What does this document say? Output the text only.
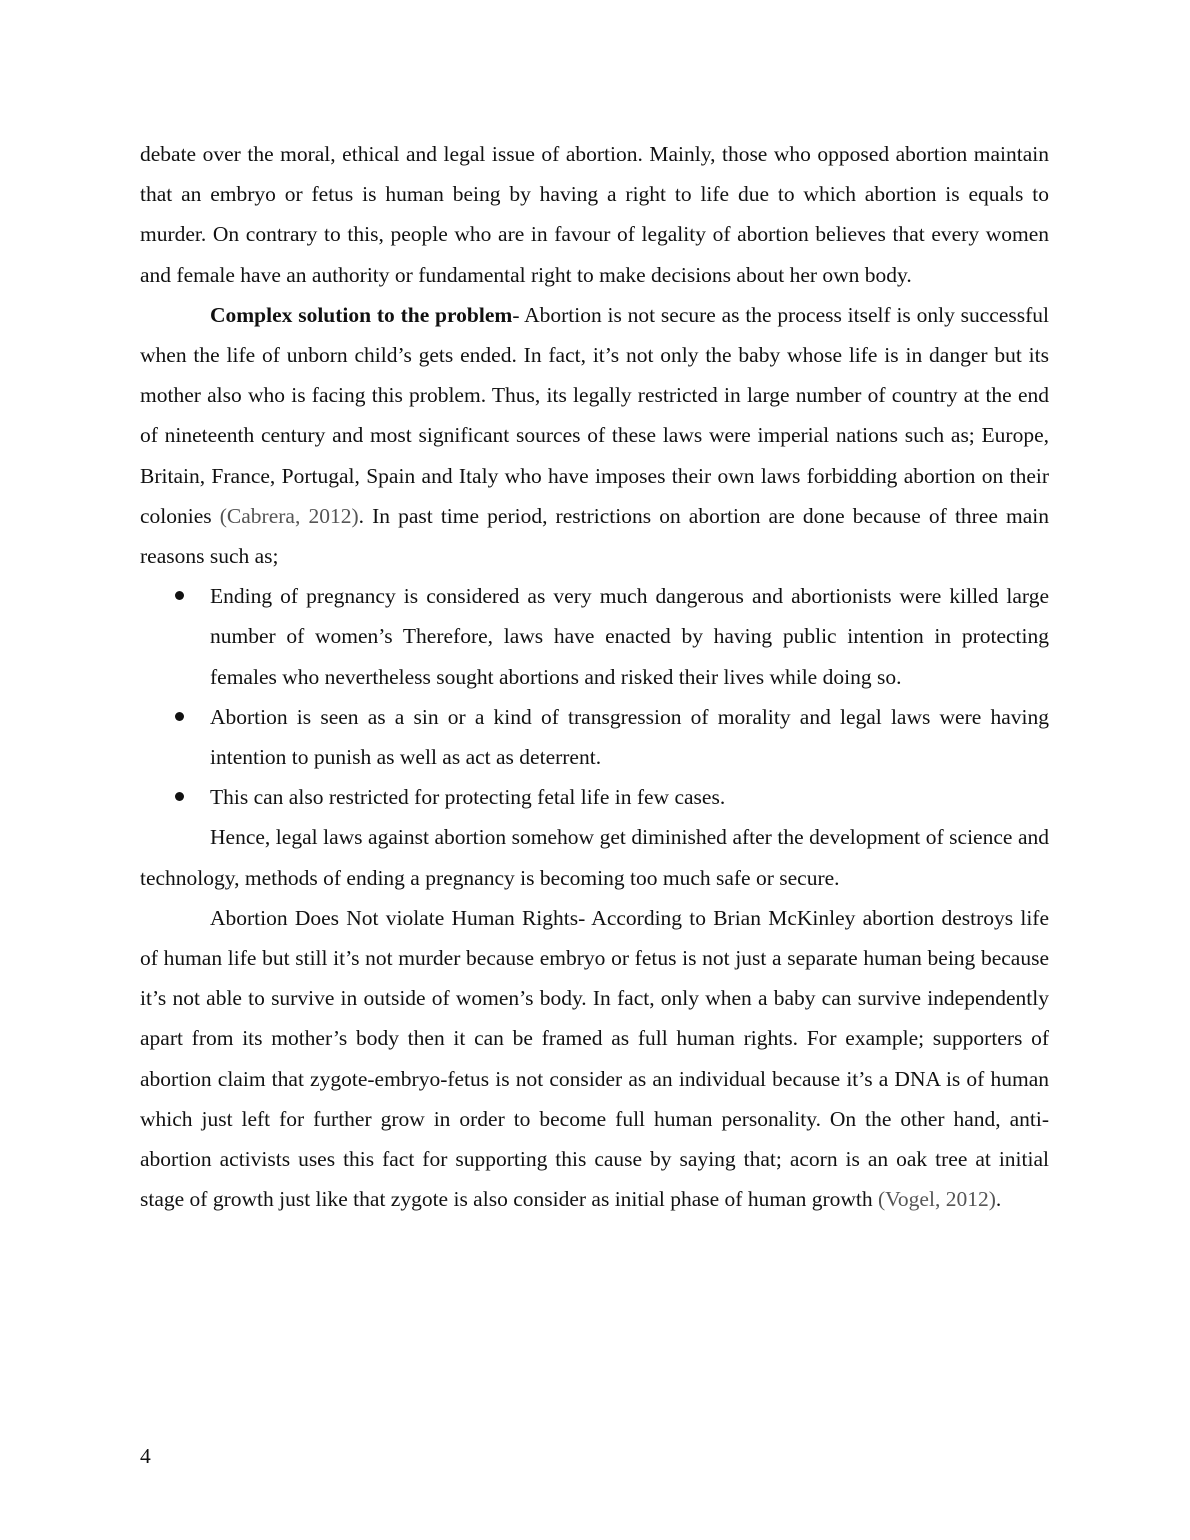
debate over the moral, ethical and legal issue of abortion. Mainly, those who opposed abortion maintain that an embryo or fetus is human being by having a right to life due to which abortion is equals to murder. On contrary to this, people who are in favour of legality of abortion believes that every women and female have an authority or fundamental right to make decisions about her own body.

Complex solution to the problem- Abortion is not secure as the process itself is only successful when the life of unborn child’s gets ended. In fact, it’s not only the baby whose life is in danger but its mother also who is facing this problem. Thus, its legally restricted in large number of country at the end of nineteenth century and most significant sources of these laws were imperial nations such as; Europe, Britain, France, Portugal, Spain and Italy who have imposes their own laws forbidding abortion on their colonies (Cabrera, 2012). In past time period, restrictions on abortion are done because of three main reasons such as;

Ending of pregnancy is considered as very much dangerous and abortionists were killed large number of women’s Therefore, laws have enacted by having public intention in protecting females who nevertheless sought abortions and risked their lives while doing so.
Abortion is seen as a sin or a kind of transgression of morality and legal laws were having intention to punish as well as act as deterrent.
This can also restricted for protecting fetal life in few cases.

Hence, legal laws against abortion somehow get diminished after the development of science and technology, methods of ending a pregnancy is becoming too much safe or secure.

Abortion Does Not violate Human Rights- According to Brian McKinley abortion destroys life of human life but still it’s not murder because embryo or fetus is not just a separate human being because it’s not able to survive in outside of women’s body. In fact, only when a baby can survive independently apart from its mother’s body then it can be framed as full human rights. For example; supporters of abortion claim that zygote-embryo-fetus is not consider as an individual because it’s a DNA is of human which just left for further grow in order to become full human personality. On the other hand, anti-abortion activists uses this fact for supporting this cause by saying that; acorn is an oak tree at initial stage of growth just like that zygote is also consider as initial phase of human growth (Vogel, 2012).

4
